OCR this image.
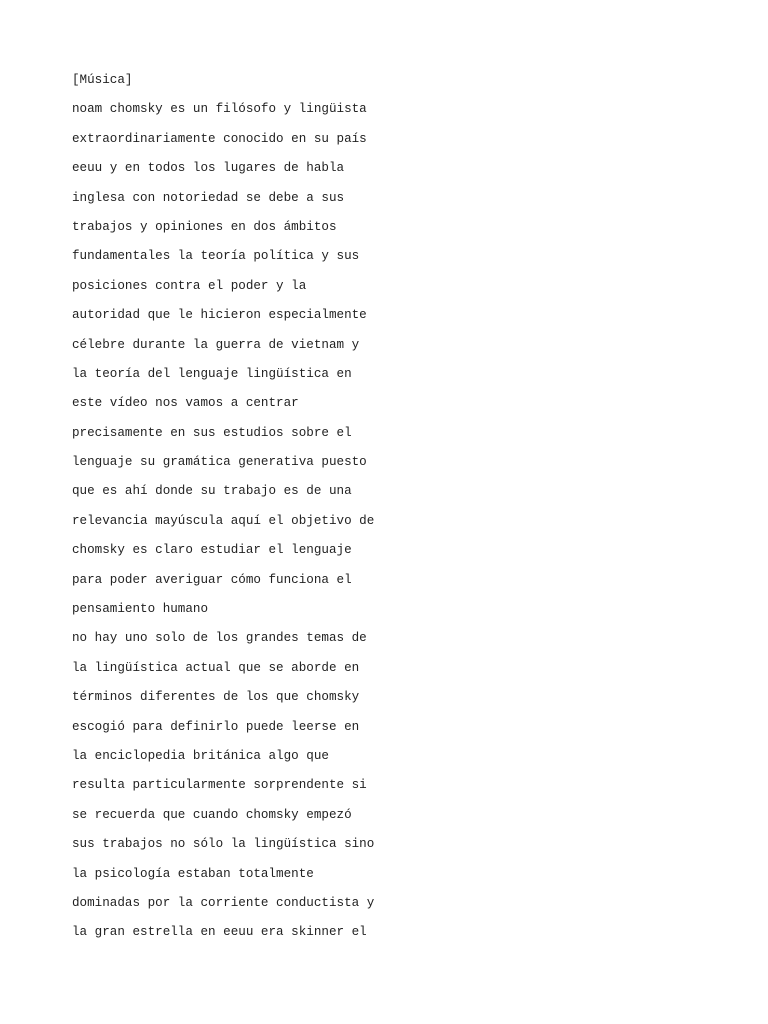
[Música]
noam chomsky es un filósofo y lingüista
extraordinariamente conocido en su país
eeuu y en todos los lugares de habla
inglesa con notoriedad se debe a sus
trabajos y opiniones en dos ámbitos
fundamentales la teoría política y sus
posiciones contra el poder y la
autoridad que le hicieron especialmente
célebre durante la guerra de vietnam y
la teoría del lenguaje lingüística en
este vídeo nos vamos a centrar
precisamente en sus estudios sobre el
lenguaje su gramática generativa puesto
que es ahí donde su trabajo es de una
relevancia mayúscula aquí el objetivo de
chomsky es claro estudiar el lenguaje
para poder averiguar cómo funciona el
pensamiento humano
no hay uno solo de los grandes temas de
la lingüística actual que se aborde en
términos diferentes de los que chomsky
escogió para definirlo puede leerse en
la enciclopedia británica algo que
resulta particularmente sorprendente si
se recuerda que cuando chomsky empezó
sus trabajos no sólo la lingüística sino
la psicología estaban totalmente
dominadas por la corriente conductista y
la gran estrella en eeuu era skinner el
